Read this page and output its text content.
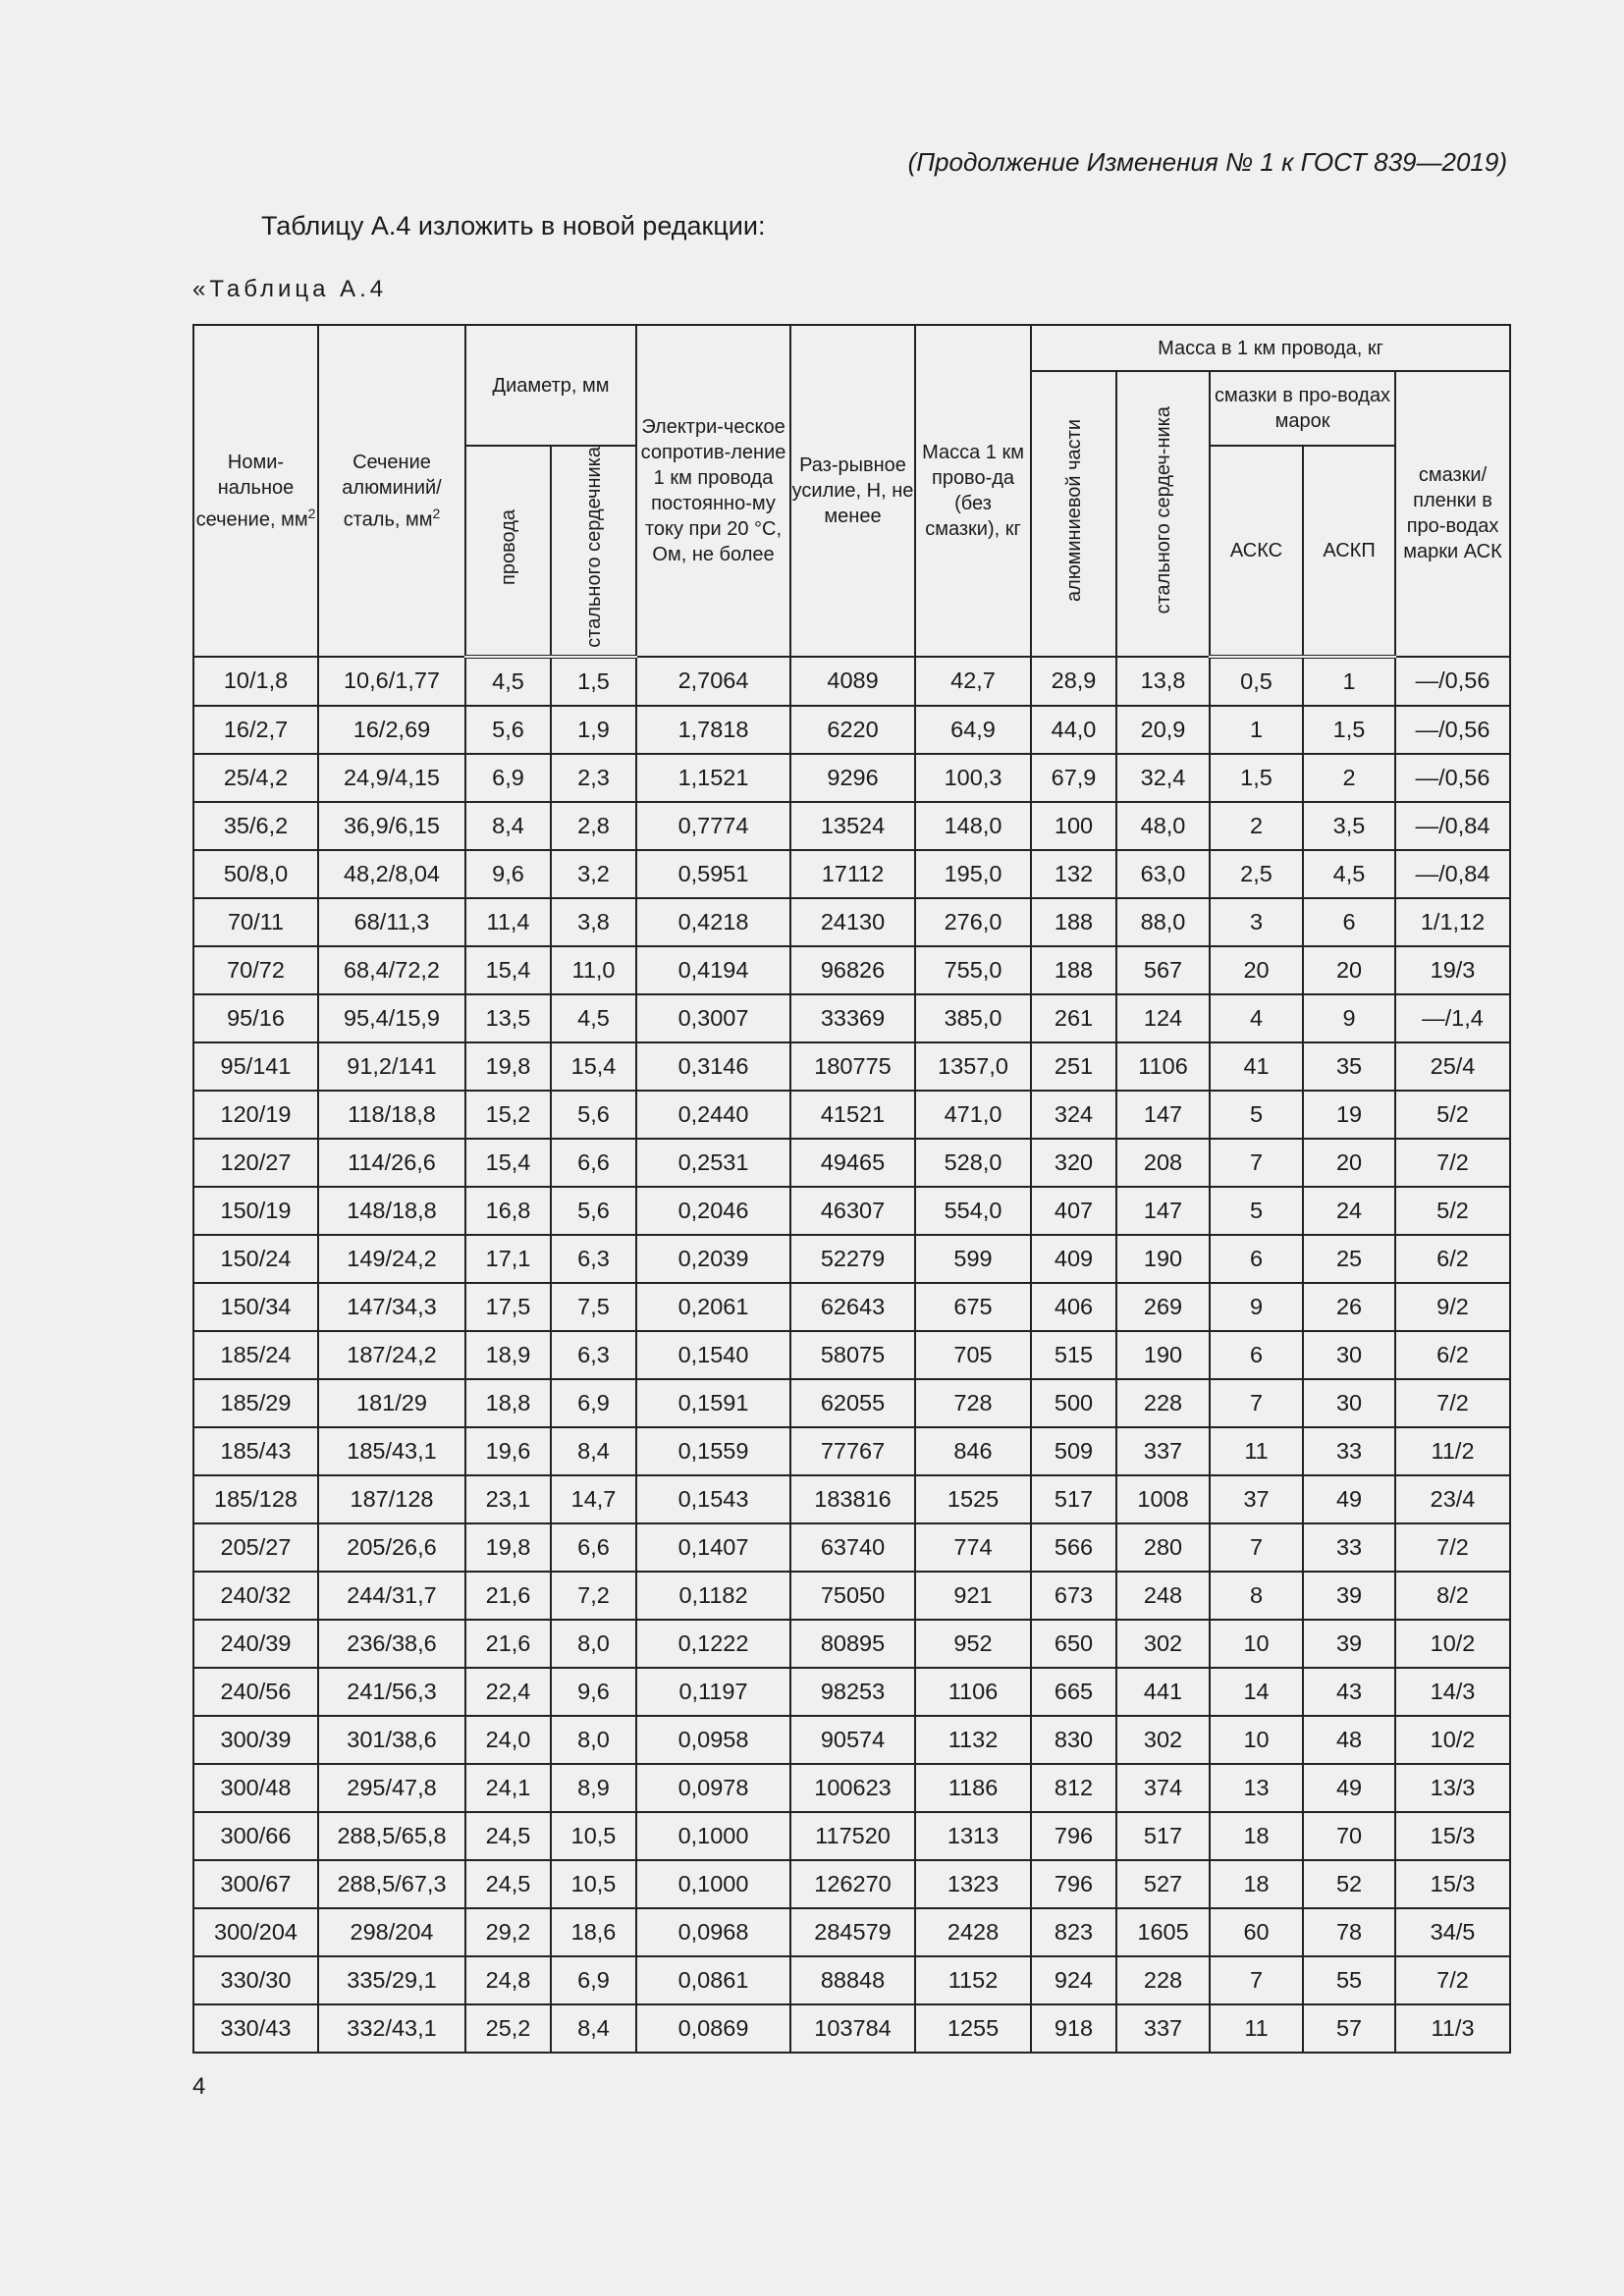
(Продолжение Изменения № 1 к ГОСТ 839—2019)
Таблицу А.4 изложить в новой редакции:
«Таблица А.4
Номи-нальное сечение, $мм^2$	Сечение алюминий/сталь, $мм^2$	Диаметр, мм		Электри-ческое сопротив-ление 1 км провода постоянно-му току при 20 °С, Ом, не более	Раз-рывное усилие, Н, не менее	Масса 1 км прово-да (без смазки), кг	Масса в 1 км провода, кг				
							алюминиевой части	стального сердеч-ника	смазки в про-водах марок		смазки/ пленки в про-водах марки АСК
		провода	стального сердечника						АСКС	АСКП	
10/1,8	10,6/1,77	4,5	1,5	2,7064	4089	42,7	28,9	13,8	0,5	1	—/0,56
16/2,7	16/2,69	5,6	1,9	1,7818	6220	64,9	44,0	20,9	1	1,5	—/0,56
25/4,2	24,9/4,15	6,9	2,3	1,1521	9296	100,3	67,9	32,4	1,5	2	—/0,56
35/6,2	36,9/6,15	8,4	2,8	0,7774	13524	148,0	100	48,0	2	3,5	—/0,84
50/8,0	48,2/8,04	9,6	3,2	0,5951	17112	195,0	132	63,0	2,5	4,5	—/0,84
70/11	68/11,3	11,4	3,8	0,4218	24130	276,0	188	88,0	3	6	1/1,12
70/72	68,4/72,2	15,4	11,0	0,4194	96826	755,0	188	567	20	20	19/3
95/16	95,4/15,9	13,5	4,5	0,3007	33369	385,0	261	124	4	9	—/1,4
95/141	91,2/141	19,8	15,4	0,3146	180775	1357,0	251	1106	41	35	25/4
120/19	118/18,8	15,2	5,6	0,2440	41521	471,0	324	147	5	19	5/2
120/27	114/26,6	15,4	6,6	0,2531	49465	528,0	320	208	7	20	7/2
150/19	148/18,8	16,8	5,6	0,2046	46307	554,0	407	147	5	24	5/2
150/24	149/24,2	17,1	6,3	0,2039	52279	599	409	190	6	25	6/2
150/34	147/34,3	17,5	7,5	0,2061	62643	675	406	269	9	26	9/2
185/24	187/24,2	18,9	6,3	0,1540	58075	705	515	190	6	30	6/2
185/29	181/29	18,8	6,9	0,1591	62055	728	500	228	7	30	7/2
185/43	185/43,1	19,6	8,4	0,1559	77767	846	509	337	11	33	11/2
185/128	187/128	23,1	14,7	0,1543	183816	1525	517	1008	37	49	23/4
205/27	205/26,6	19,8	6,6	0,1407	63740	774	566	280	7	33	7/2
240/32	244/31,7	21,6	7,2	0,1182	75050	921	673	248	8	39	8/2
240/39	236/38,6	21,6	8,0	0,1222	80895	952	650	302	10	39	10/2
240/56	241/56,3	22,4	9,6	0,1197	98253	1106	665	441	14	43	14/3
300/39	301/38,6	24,0	8,0	0,0958	90574	1132	830	302	10	48	10/2
300/48	295/47,8	24,1	8,9	0,0978	100623	1186	812	374	13	49	13/3
300/66	288,5/65,8	24,5	10,5	0,1000	117520	1313	796	517	18	70	15/3
300/67	288,5/67,3	24,5	10,5	0,1000	126270	1323	796	527	18	52	15/3
300/204	298/204	29,2	18,6	0,0968	284579	2428	823	1605	60	78	34/5
330/30	335/29,1	24,8	6,9	0,0861	88848	1152	924	228	7	55	7/2
330/43	332/43,1	25,2	8,4	0,0869	103784	1255	918	337	11	57	11/3
4
